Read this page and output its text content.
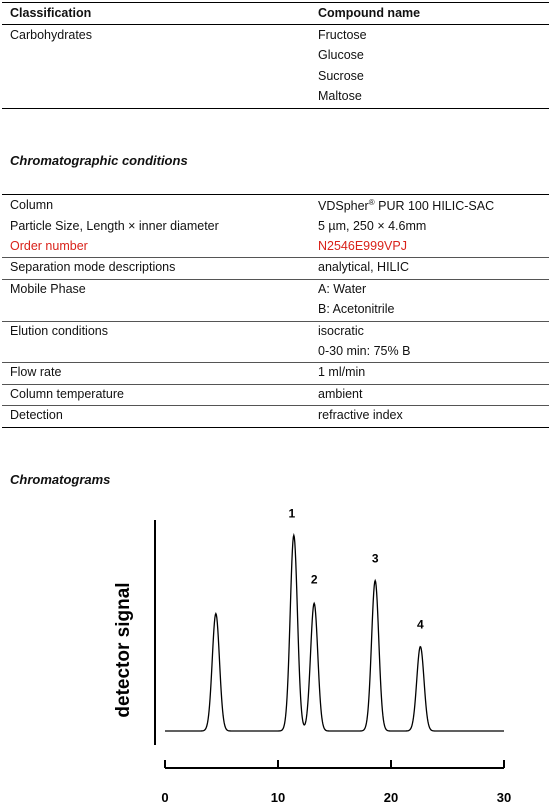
Classification	Compound name
Carbohydrates	Fructose
Glucose
Sucrose
Maltose
Chromatographic conditions
Column	VDSpher® PUR 100 HILIC-SAC
Particle Size, Length × inner diameter	5 µm, 250 × 4.6mm
Order number	N2546E999VPJ
Separation mode descriptions	analytical, HILIC
Mobile Phase	A: Water
B: Acetonitrile
Elution conditions	isocratic
0-30 min: 75% B
Flow rate	1 ml/min
Column temperature	ambient
Detection	refractive index
Chromatograms
0	10	20	30
1
2
3
4
detector signal
